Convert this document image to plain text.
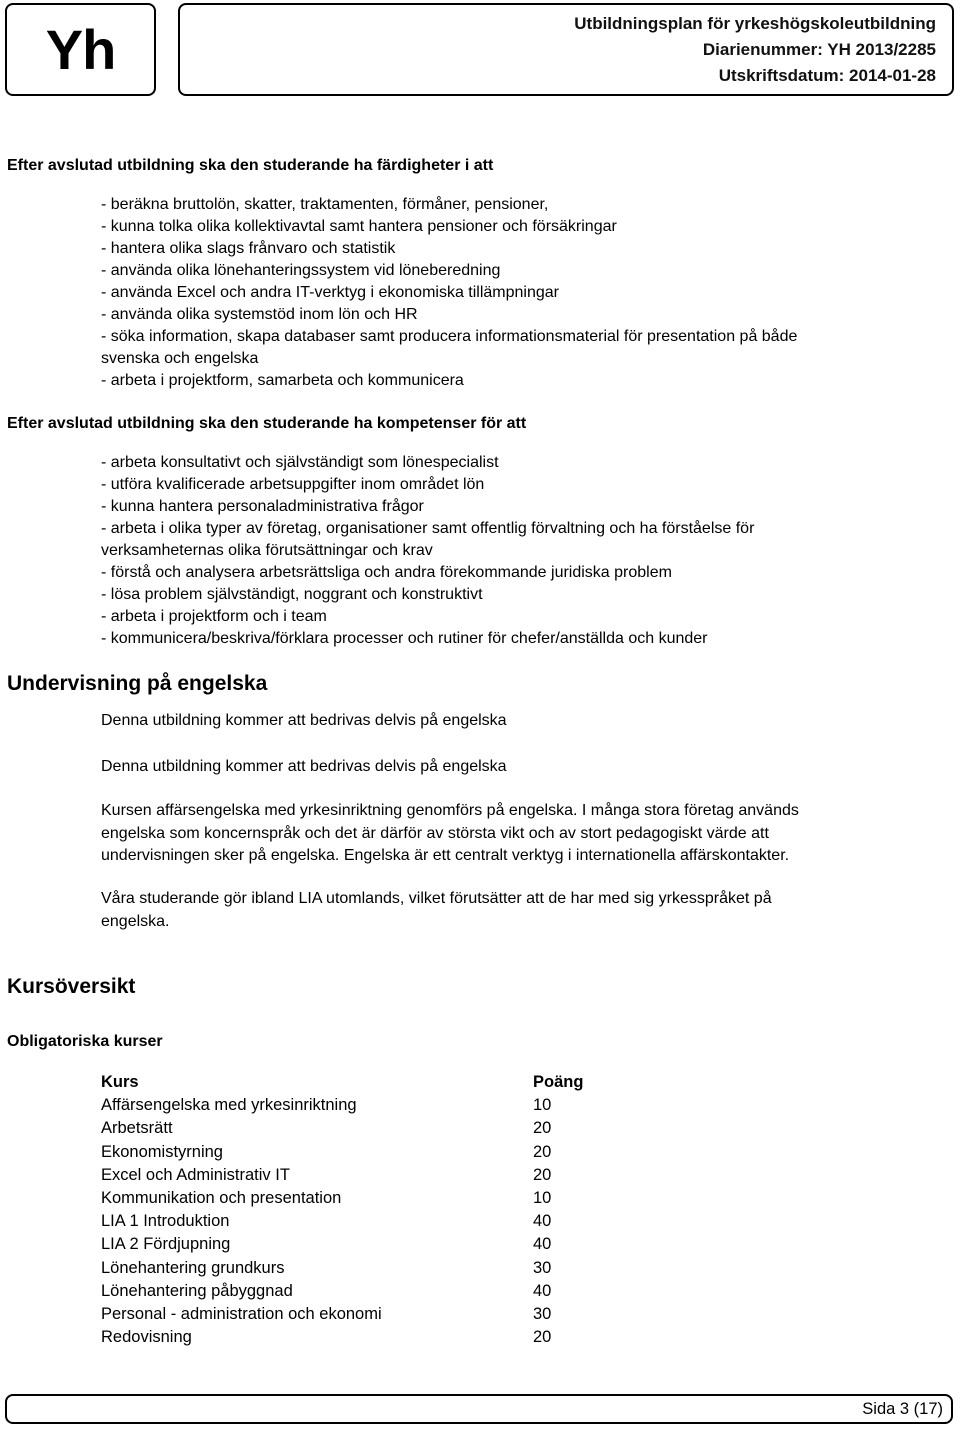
Yh	Utbildningsplan för yrkeshögskoleutbildning
Diarienummer: YH 2013/2285
Utskriftsdatum: 2014-01-28
Efter avslutad utbildning ska den studerande ha färdigheter i att
- beräkna bruttolön, skatter, traktamenten, förmåner, pensioner,
- kunna tolka olika kollektivavtal samt hantera pensioner och försäkringar
- hantera olika slags frånvaro och statistik
- använda olika lönehanteringssystem vid löneberedning
- använda Excel och andra IT-verktyg i ekonomiska tillämpningar
- använda olika systemstöd inom lön och HR
- söka information, skapa databaser samt producera informationsmaterial för presentation på både
svenska och engelska
- arbeta i projektform, samarbeta och kommunicera
Efter avslutad utbildning ska den studerande ha kompetenser för att
- arbeta konsultativt och självständigt som lönespecialist
- utföra kvalificerade arbetsuppgifter inom området lön
- kunna hantera personaladministrativa frågor
- arbeta i olika typer av företag, organisationer samt offentlig förvaltning och ha förståelse för
verksamheternas olika förutsättningar och krav
- förstå och analysera arbetsrättsliga och andra förekommande juridiska problem
- lösa problem självständigt, noggrant och konstruktivt
- arbeta i projektform och i team
- kommunicera/beskriva/förklara processer och rutiner för chefer/anställda och kunder
Undervisning på engelska
Denna utbildning kommer att bedrivas delvis på engelska
Denna utbildning kommer att bedrivas delvis på engelska
Kursen affärsengelska med yrkesinriktning genomförs på engelska. I många stora företag används
engelska som koncernspråk och det är därför av största vikt och av stort pedagogiskt värde att
undervisningen sker på engelska. Engelska är ett centralt verktyg i internationella affärskontakter.
Våra studerande gör ibland LIA utomlands, vilket förutsätter att de har med sig yrkesspråket på
engelska.
Kursöversikt
Obligatoriska kurser
Kurs	Poäng
Affärsengelska med yrkesinriktning	10
Arbetsrätt	20
Ekonomistyrning	20
Excel och Administrativ IT	20
Kommunikation och presentation	10
LIA 1 Introduktion	40
LIA 2 Fördjupning	40
Lönehantering grundkurs	30
Lönehantering påbyggnad	40
Personal - administration och ekonomi	30
Redovisning	20
Sida 3 (17)
